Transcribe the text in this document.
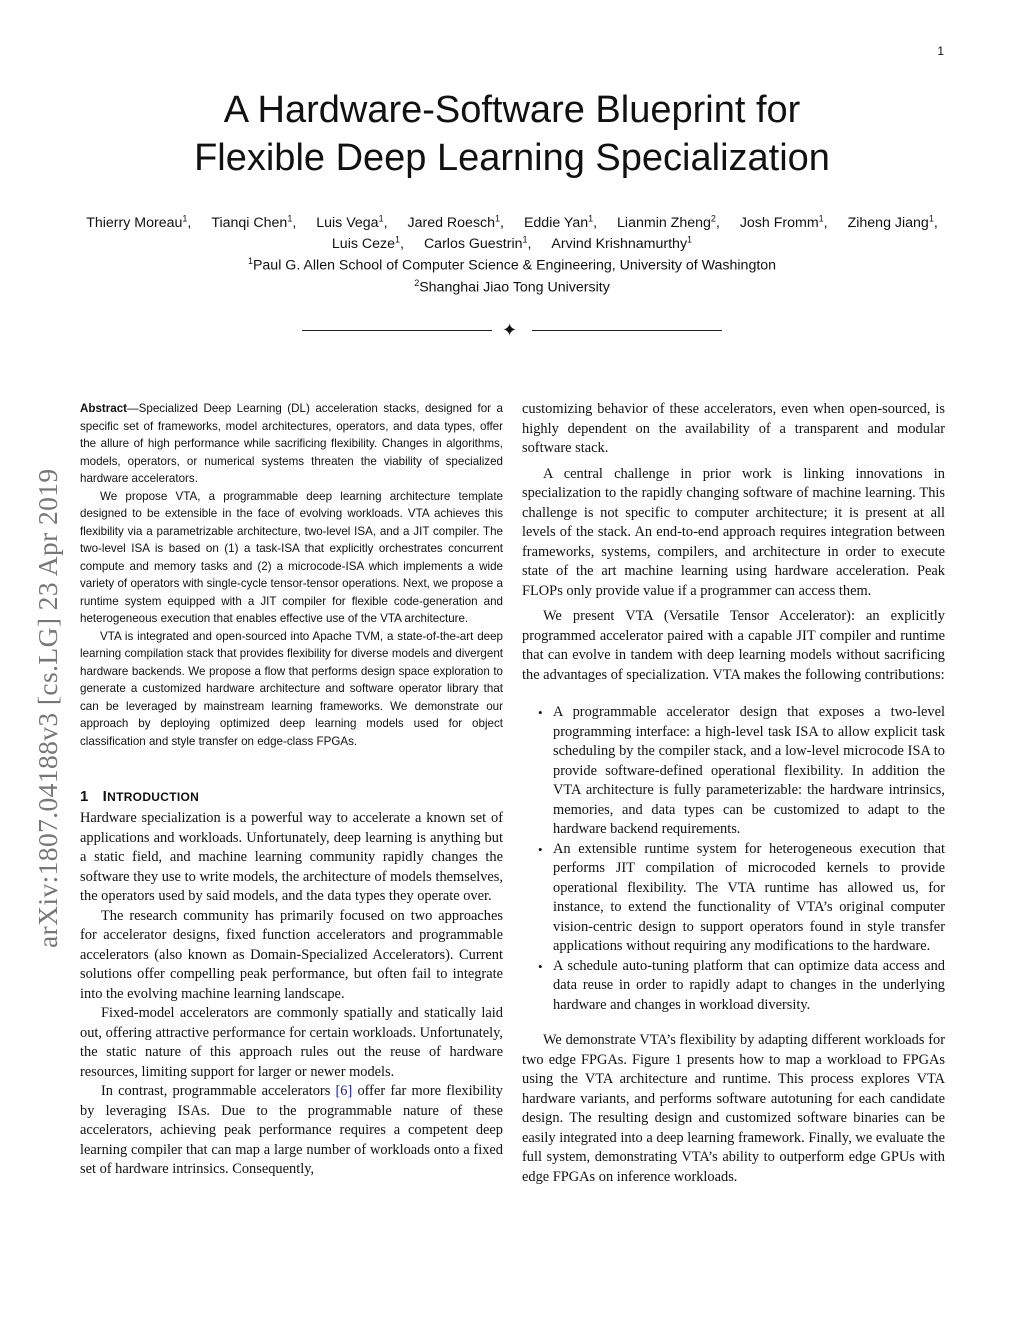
1
A Hardware-Software Blueprint for
Flexible Deep Learning Specialization
Thierry Moreau$^1$, Tianqi Chen$^1$, Luis Vega$^1$, Jared Roesch$^1$, Eddie Yan$^1$, Lianmin Zheng$^2$, Josh Fromm$^1$, Ziheng Jiang$^1$,
Luis Ceze$^1$, Carlos Guestrin$^1$, Arvind Krishnamurthy$^1$
$^1$Paul G. Allen School of Computer Science & Engineering, University of Washington
$^2$Shanghai Jiao Tong University
✦
arXiv:1807.04188v3 [cs.LG] 23 Apr 2019

Abstract—Specialized Deep Learning (DL) acceleration stacks, designed for a specific set of frameworks, model architectures, operators, and data types, offer the allure of high performance while sacrificing flexibility. Changes in algorithms, models, operators, or numerical systems threaten the viability of specialized hardware accelerators.

We propose VTA, a programmable deep learning architecture template designed to be extensible in the face of evolving workloads. VTA achieves this flexibility via a parametrizable architecture, two-level ISA, and a JIT compiler. The two-level ISA is based on (1) a task-ISA that explicitly orchestrates concurrent compute and memory tasks and (2) a microcode-ISA which implements a wide variety of operators with single-cycle tensor-tensor operations. Next, we propose a runtime system equipped with a JIT compiler for flexible code-generation and heterogeneous execution that enables effective use of the VTA architecture.

VTA is integrated and open-sourced into Apache TVM, a state-of-the-art deep learning compilation stack that provides flexibility for diverse models and divergent hardware backends. We propose a flow that performs design space exploration to generate a customized hardware architecture and software operator library that can be leveraged by mainstream learning frameworks. We demonstrate our approach by deploying optimized deep learning models used for object classification and style transfer on edge-class FPGAs.

1 INTRODUCTION

Hardware specialization is a powerful way to accelerate a known set of applications and workloads. Unfortunately, deep learning is anything but a static field, and machine learning community rapidly changes the software they use to write models, the architecture of models themselves, the operators used by said models, and the data types they operate over.

The research community has primarily focused on two approaches for accelerator designs, fixed function accelerators and programmable accelerators (also known as Domain-Specialized Accelerators). Current solutions offer compelling peak performance, but often fail to integrate into the evolving machine learning landscape.

Fixed-model accelerators are commonly spatially and statically laid out, offering attractive performance for certain workloads. Unfortunately, the static nature of this approach rules out the reuse of hardware resources, limiting support for larger or newer models.

In contrast, programmable accelerators [6] offer far more flexibility by leveraging ISAs. Due to the programmable nature of these accelerators, achieving peak performance requires a competent deep learning compiler that can map a large number of workloads onto a fixed set of hardware intrinsics. Consequently,

customizing behavior of these accelerators, even when open-sourced, is highly dependent on the availability of a transparent and modular software stack.

A central challenge in prior work is linking innovations in specialization to the rapidly changing software of machine learning. This challenge is not specific to computer architecture; it is present at all levels of the stack. An end-to-end approach requires integration between frameworks, systems, compilers, and architecture in order to execute state of the art machine learning using hardware acceleration. Peak FLOPs only provide value if a programmer can access them.

We present VTA (Versatile Tensor Accelerator): an explicitly programmed accelerator paired with a capable JIT compiler and runtime that can evolve in tandem with deep learning models without sacrificing the advantages of specialization. VTA makes the following contributions:

• A programmable accelerator design that exposes a two-level programming interface: a high-level task ISA to allow explicit task scheduling by the compiler stack, and a low-level microcode ISA to provide software-defined operational flexibility. In addition the VTA architecture is fully parameterizable: the hardware intrinsics, memories, and data types can be customized to adapt to the hardware backend requirements.
• An extensible runtime system for heterogeneous execution that performs JIT compilation of microcoded kernels to provide operational flexibility. The VTA runtime has allowed us, for instance, to extend the functionality of VTA’s original computer vision-centric design to support operators found in style transfer applications without requiring any modifications to the hardware.
• A schedule auto-tuning platform that can optimize data access and data reuse in order to rapidly adapt to changes in the underlying hardware and changes in workload diversity.

We demonstrate VTA’s flexibility by adapting different workloads for two edge FPGAs. Figure 1 presents how to map a workload to FPGAs using the VTA architecture and runtime. This process explores VTA hardware variants, and performs software autotuning for each candidate design. The resulting design and customized software binaries can be easily integrated into a deep learning framework. Finally, we evaluate the full system, demonstrating VTA’s ability to outperform edge GPUs with edge FPGAs on inference workloads.
